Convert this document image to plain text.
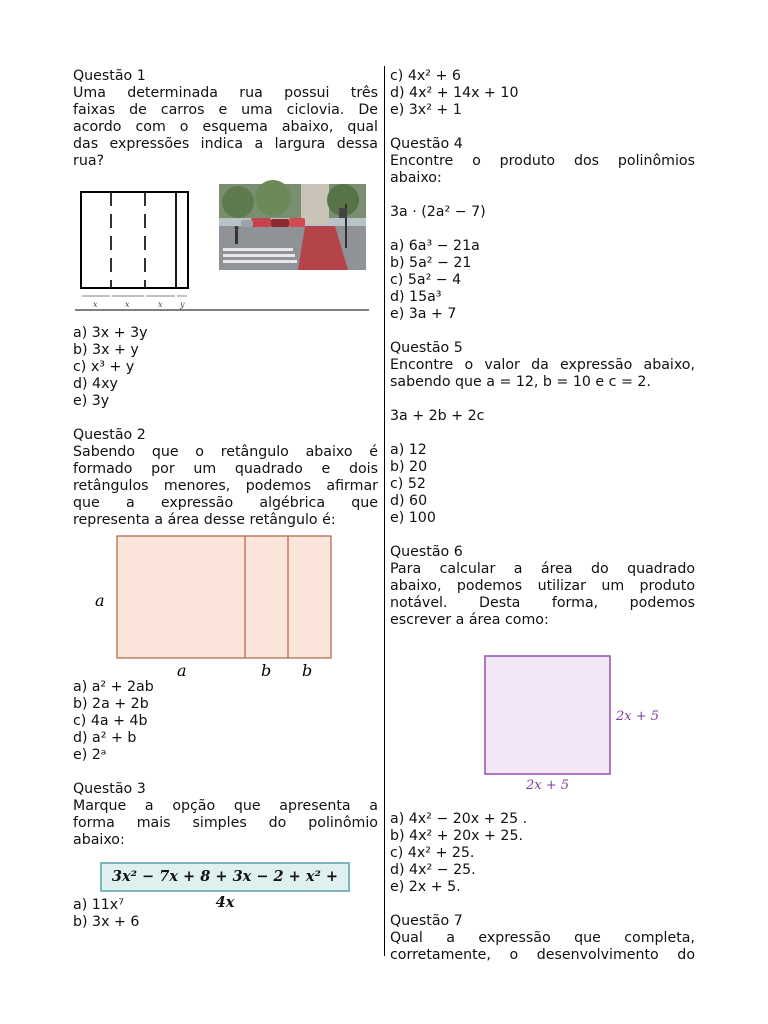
Questão 1
Uma determinada rua possui três
faixas de carros e uma ciclovia. De
acordo com o esquema abaixo, qual
das expressões indica a largura dessa
rua?
x	x	x y
a) 3x + 3y
b) 3x + y
c) x³ + y
d) 4xy
e) 3y
Questão 2
Sabendo que o retângulo abaixo é
formado por um quadrado e dois
retângulos menores, podemos afirmar
que a expressão algébrica que
representa a área desse retângulo é:
a
a	b b
a) a² + 2ab
b) 2a + 2b
c) 4a + 4b
d) a² + b
e) 2ᵃ
Questão 3
Marque a opção que apresenta a
forma mais simples do polinômio
abaixo:
3x² − 7x + 8 + 3x − 2 + x² + 4x
a) 11x⁷
b) 3x + 6
c) 4x² + 6
d) 4x² + 14x + 10
e) 3x² + 1
Questão 4
Encontre o produto dos polinômios
abaixo:
3a · (2a² − 7)
a) 6a³ − 21a
b) 5a² − 21
c) 5a² − 4
d) 15a³
e) 3a + 7
Questão 5
Encontre o valor da expressão abaixo,
sabendo que a = 12, b = 10 e c = 2.
3a + 2b + 2c
a) 12
b) 20
c) 52
d) 60
e) 100
Questão 6
Para calcular a área do quadrado
abaixo, podemos utilizar um produto
notável. Desta forma, podemos
escrever a área como:
2x + 5
2x + 5
a) 4x² − 20x + 25 .
b) 4x² + 20x + 25.
c) 4x² + 25.
d) 4x² − 25.
e) 2x + 5.
Questão 7
Qual a expressão que completa,
corretamente, o desenvolvimento do
